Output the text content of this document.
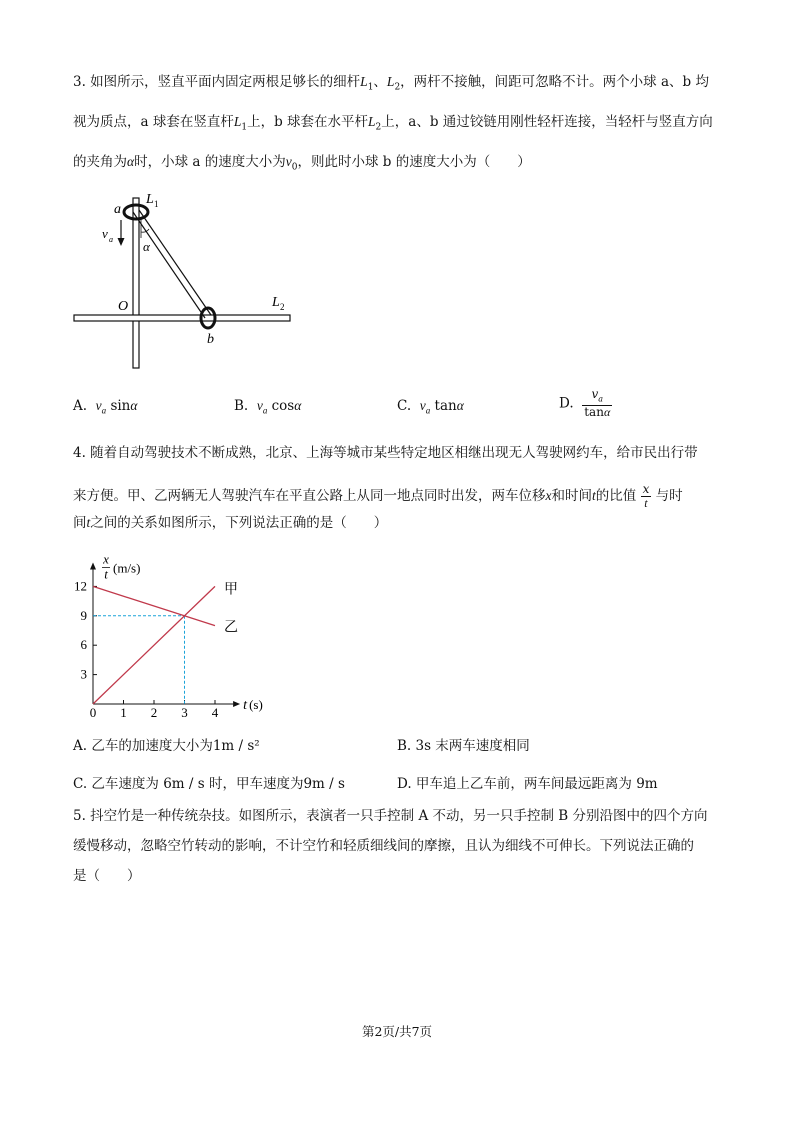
3. 如图所示，竖直平面内固定两根足够长的细杆$L_1$、$L_2$，两杆不接触，间距可忽略不计。两个小球 a、b 均
视为质点，a 球套在竖直杆$L_1$上，b 球套在水平杆$L_2$上，a、b 通过铰链用刚性轻杆连接，当轻杆与竖直方向
的夹角为α时，小球 a 的速度大小为$v_0$，则此时小球 b 的速度大小为（　　）
a
L 1
v a α
O	L 2
b
A. $v_a$ sinα	B. $v_a$ cosα	C. $v_a$ tanα	D. $\frac{v_a}{\tan\alpha}$
4. 随着自动驾驶技术不断成熟，北京、上海等城市某些特定地区相继出现无人驾驶网约车，给市民出行带
来方便。甲、乙两辆无人驾驶汽车在平直公路上从同一地点同时出发，两车位移x和时间t的比值 $\frac{x}{t}$ 与时
间t之间的关系如图所示，下列说法正确的是（　　）
0 1 2 3 4
3
6
9
12
x
t (m/s)
t (s)
甲
乙
A. 乙车的加速度大小为1m / s²	B. 3s 末两车速度相同
C. 乙车速度为 6m / s 时，甲车速度为9m / s	D. 甲车追上乙车前，两车间最远距离为 9m
5. 抖空竹是一种传统杂技。如图所示，表演者一只手控制 A 不动，另一只手控制 B 分别沿图中的四个方向
缓慢移动，忽略空竹转动的影响，不计空竹和轻质细线间的摩擦，且认为细线不可伸长。下列说法正确的
是（　　）
第2页/共7页
